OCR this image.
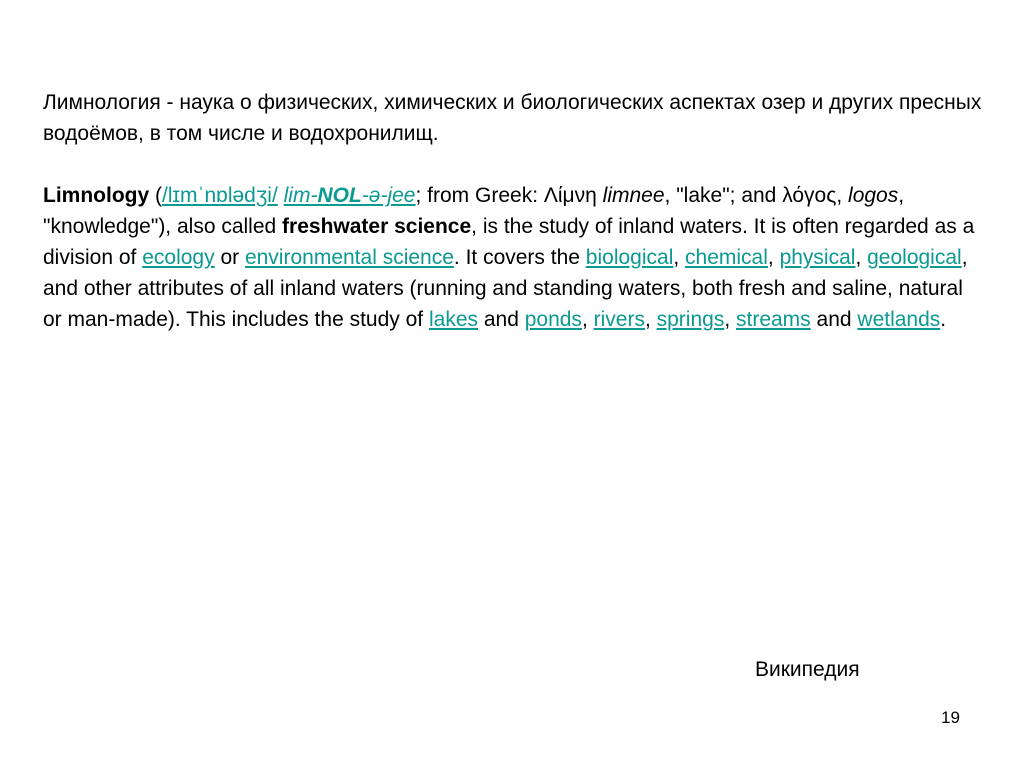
Лимнология - наука о физических, химических и биологических аспектах озер и других пресных водоёмов, в том числе и водохронилищ.

Limnology (/lɪmˈnɒlədʒi/ lim-NOL-ə-jee; from Greek: Λίμνη limnee, "lake"; and λόγος, logos, "knowledge"), also called freshwater science, is the study of inland waters. It is often regarded as a division of ecology or environmental science. It covers the biological, chemical, physical, geological, and other attributes of all inland waters (running and standing waters, both fresh and saline, natural or man-made). This includes the study of lakes and ponds, rivers, springs, streams and wetlands.

Википедия
19
